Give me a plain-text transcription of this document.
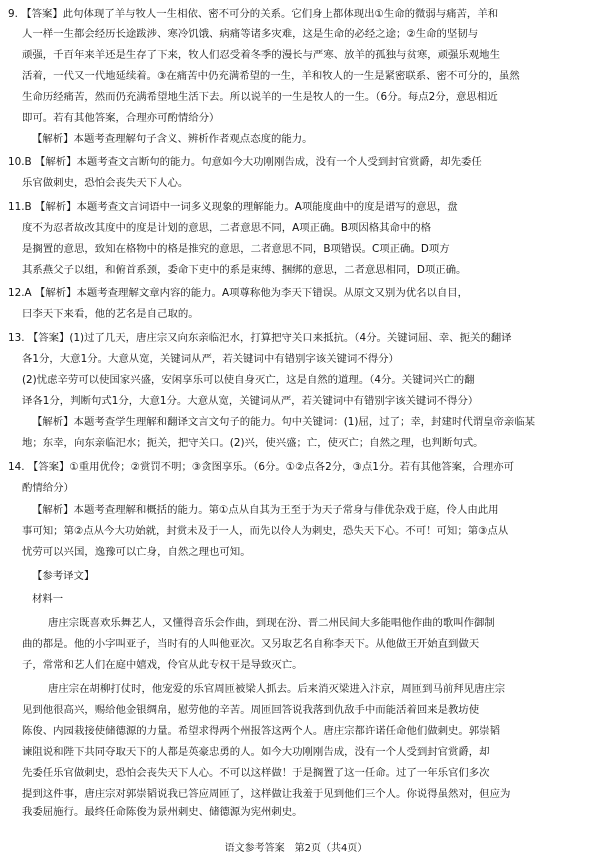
9. 【答案】此句体现了羊与牧人一生相依、密不可分的关系。它们身上都体现出①生命的微弱与痛苦，羊和
人一样一生都会经历长途跋涉、寒冷饥饿、病痛等诸多灾难，这是生命的必经之途；②生命的坚韧与
顽强，千百年来羊还是生存了下来，牧人们忍受着冬季的漫长与严寒、放羊的孤独与贫寒，顽强乐观地生
活着，一代又一代地延续着。③在痛苦中仍充满希望的一生，羊和牧人的一生是紧密联系、密不可分的，虽然
生命历经痛苦，然而仍充满希望地生活下去。所以说羊的一生是牧人的一生。（6分。每点2分，意思相近
即可。若有其他答案，合理亦可酌情给分）
【解析】本题考查理解句子含义、辨析作者观点态度的能力。
10.B 【解析】本题考查文言断句的能力。句意如今大功刚刚告成，没有一个人受到封官赏爵，却先委任
乐官做刺史，恐怕会丧失天下人心。
11.B 【解析】本题考查文言词语中一词多义现象的理解能力。A项能度曲中的度是谱写的意思，盘
度不为忍者故改其度中的度是计划的意思，二者意思不同，A项正确。B项因格其命中的格
是搁置的意思，致知在格物中的格是推究的意思，二者意思不同，B项错误。C项正确。D项方
其系燕父子以组，和俯首系颈，委命下吏中的系是束缚、捆绑的意思，二者意思相同，D项正确。
12.A 【解析】本题考查理解文章内容的能力。A项尊称他为李天下错误。从原文又别为优名以自目，
曰李天下来看，他的艺名是自己取的。
13. 【答案】(1)过了几天，唐庄宗又向东亲临汜水，打算把守关口来抵抗。（4分。关键词屈、幸、扼关的翻译
各1分，大意1分。大意从宽，关键词从严，若关键词中有错别字该关键词不得分）
(2)忧虑辛劳可以使国家兴盛，安闲享乐可以使自身灭亡，这是自然的道理。（4分。关键词兴亡的翻
译各1分，判断句式1分，大意1分。大意从宽，关键词从严，若关键词中有错别字该关键词不得分）
【解析】本题考查学生理解和翻译文言文句子的能力。句中关键词：(1)屈，过了；幸，封建时代谓皇帝亲临某
地；东幸，向东亲临汜水；扼关，把守关口。(2)兴，使兴盛；亡，使灭亡；自然之理，也判断句式。
14. 【答案】①重用优伶；②赏罚不明；③贪图享乐。（6分。①②点各2分，③点1分。若有其他答案，合理亦可
酌情给分）
【解析】本题考查理解和概括的能力。第①点从自其为王至于为天子常身与俳优杂戏于庭，伶人由此用
事可知；第②点从今大功始就，封赏未及于一人，而先以伶人为刺史，恐失天下心。不可！可知；第③点从
忧劳可以兴国，逸豫可以亡身，自然之理也可知。
【参考译文】
材料一
唐庄宗既喜欢乐舞艺人，又懂得音乐会作曲，到现在汾、晋二州民间大多能唱他作曲的歌叫作御制
曲的都是。他的小字叫亚子，当时有的人叫他亚次。又另取艺名自称李天下。从他做王开始直到做天
子，常常和艺人们在庭中嬉戏，伶官从此专权干是导致灭亡。
唐庄宗在胡柳打仗时，他宠爱的乐官周匝被梁人抓去。后来消灭梁进入汴京，周匝到马前拜见唐庄宗
见到他很高兴，赐给他金银绸帛，慰劳他的辛苦。周匝回答说我落到仇敌手中而能活着回来是教坊使
陈俊、内园栽接使储德源的力量。希望求得两个州报答这两个人。唐庄宗都许诺任命他们做刺史。郭崇韬
谏阻说和陛下共同夺取天下的人都是英豪忠勇的人。如今大功刚刚告成，没有一个人受到封官赏爵，却
先委任乐官做刺史，恐怕会丧失天下人心。不可以这样做！于是搁置了这一任命。过了一年乐官们多次
提到这件事，唐庄宗对郭崇韬说我已答应周匝了，这样做让我羞于见到他们三个人。你说得虽然对，但应为
我委屈施行。最终任命陈俊为景州刺史、储德源为宪州刺史。
语文参考答案　第2页（共4页）
